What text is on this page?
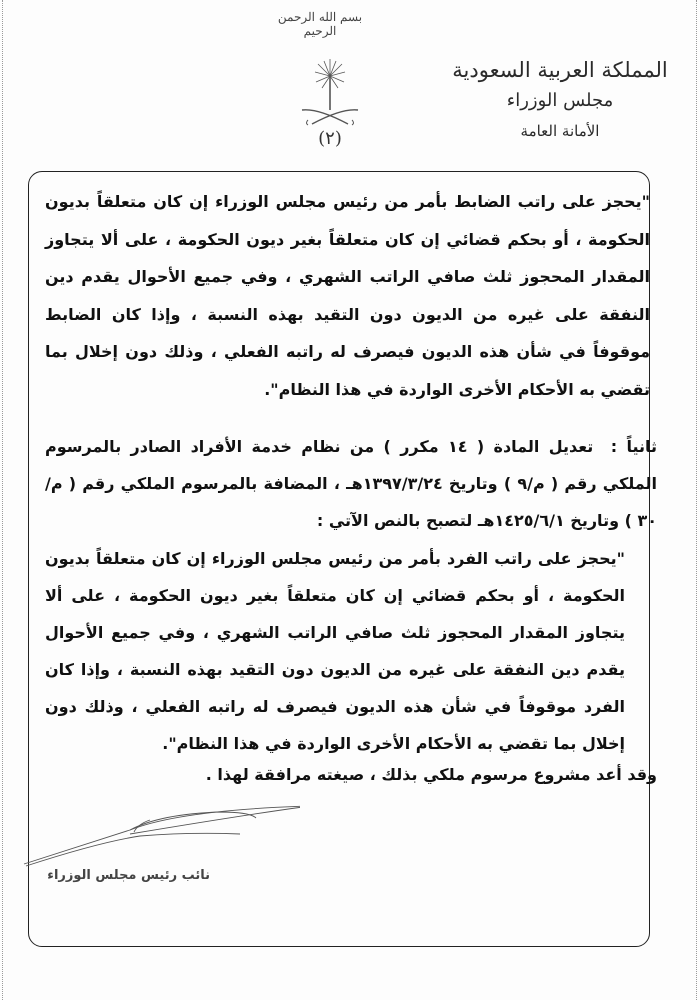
بسم الله الرحمن الرحيم
(٢)
المملكة العربية السعودية
مجلس الوزراء
الأمانة العامة
"يحجز على راتب الضابط بأمر من رئيس مجلس الوزراء إن كان متعلقاً بديون الحكومة ، أو بحكم قضائي إن كان متعلقاً بغير ديون الحكومة ، على ألا يتجاوز المقدار المحجوز ثلث صافي الراتب الشهري ، وفي جميع الأحوال يقدم دين النفقة على غيره من الديون دون التقيد بهذه النسبة ، وإذا كان الضابط موقوفاً في شأن هذه الديون فيصرف له راتبه الفعلي ، وذلك دون إخلال بما تقضي به الأحكام الأخرى الواردة في هذا النظام".
ثانياً : تعديل المادة ( ١٤ مكرر ) من نظام خدمة الأفراد الصادر بالمرسوم الملكي رقم ( م/٩ ) وتاريخ ١٣٩٧/٣/٢٤هـ ، المضافة بالمرسوم الملكي رقم ( م/٣٠ ) وتاريخ ١٤٢٥/٦/١هـ لتصبح بالنص الآتي :
"يحجز على راتب الفرد بأمر من رئيس مجلس الوزراء إن كان متعلقاً بديون الحكومة ، أو بحكم قضائي إن كان متعلقاً بغير ديون الحكومة ، على ألا يتجاوز المقدار المحجوز ثلث صافي الراتب الشهري ، وفي جميع الأحوال يقدم دين النفقة على غيره من الديون دون التقيد بهذه النسبة ، وإذا كان الفرد موقوفاً في شأن هذه الديون فيصرف له راتبه الفعلي ، وذلك دون إخلال بما تقضي به الأحكام الأخرى الواردة في هذا النظام".
وقد أعد مشروع مرسوم ملكي بذلك ، صيغته مرافقة لهذا .
نائب رئيس مجلس الوزراء
